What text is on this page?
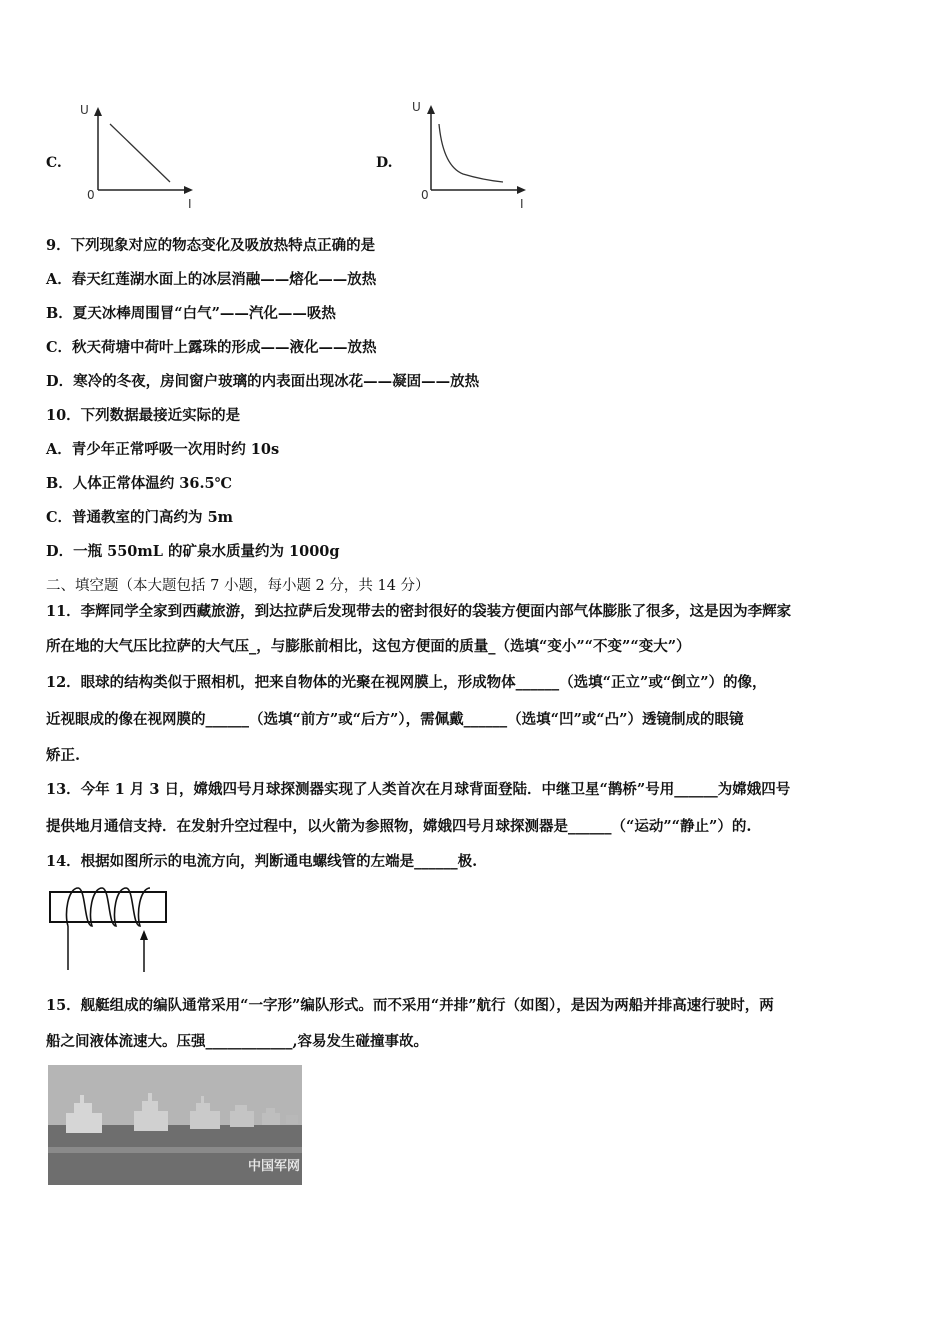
C.
U
0
I
D.
U
0
I
9．下列现象对应的物态变化及吸放热特点正确的是
A．春天红莲湖水面上的冰层消融——熔化——放热
B．夏天冰棒周围冒“白气”——汽化——吸热
C．秋天荷塘中荷叶上露珠的形成——液化——放热
D．寒冷的冬夜，房间窗户玻璃的内表面出现冰花——凝固——放热
10．下列数据最接近实际的是
A．青少年正常呼吸一次用时约 10s
B．人体正常体温约 36.5℃
C．普通教室的门高约为 5m
D．一瓶 550mL 的矿泉水质量约为 1000g
二、填空题（本大题包括 7 小题，每小题 2 分，共 14 分）
11．李辉同学全家到西藏旅游，到达拉萨后发现带去的密封很好的袋装方便面内部气体膨胀了很多，这是因为李辉家
所在地的大气压比拉萨的大气压_，与膨胀前相比，这包方便面的质量_（选填“变小”“不变”“变大”）
12．眼球的结构类似于照相机，把来自物体的光聚在视网膜上，形成物体______（选填“正立”或“倒立”）的像，
近视眼成的像在视网膜的______（选填“前方”或“后方”），需佩戴______（选填“凹”或“凸”）透镜制成的眼镜
矫正.
13．今年 1 月 3 日，嫦娥四号月球探测器实现了人类首次在月球背面登陆．中继卫星“鹊桥”号用______为嫦娥四号
提供地月通信支持．在发射升空过程中，以火箭为参照物，嫦娥四号月球探测器是______（“运动”“静止”）的.
14．根据如图所示的电流方向，判断通电螺线管的左端是______极.
15．舰艇组成的编队通常采用“一字形”编队形式。而不采用“并排”航行（如图），是因为两船并排高速行驶时，两
船之间液体流速大。压强____________,容易发生碰撞事故。
中国军网
